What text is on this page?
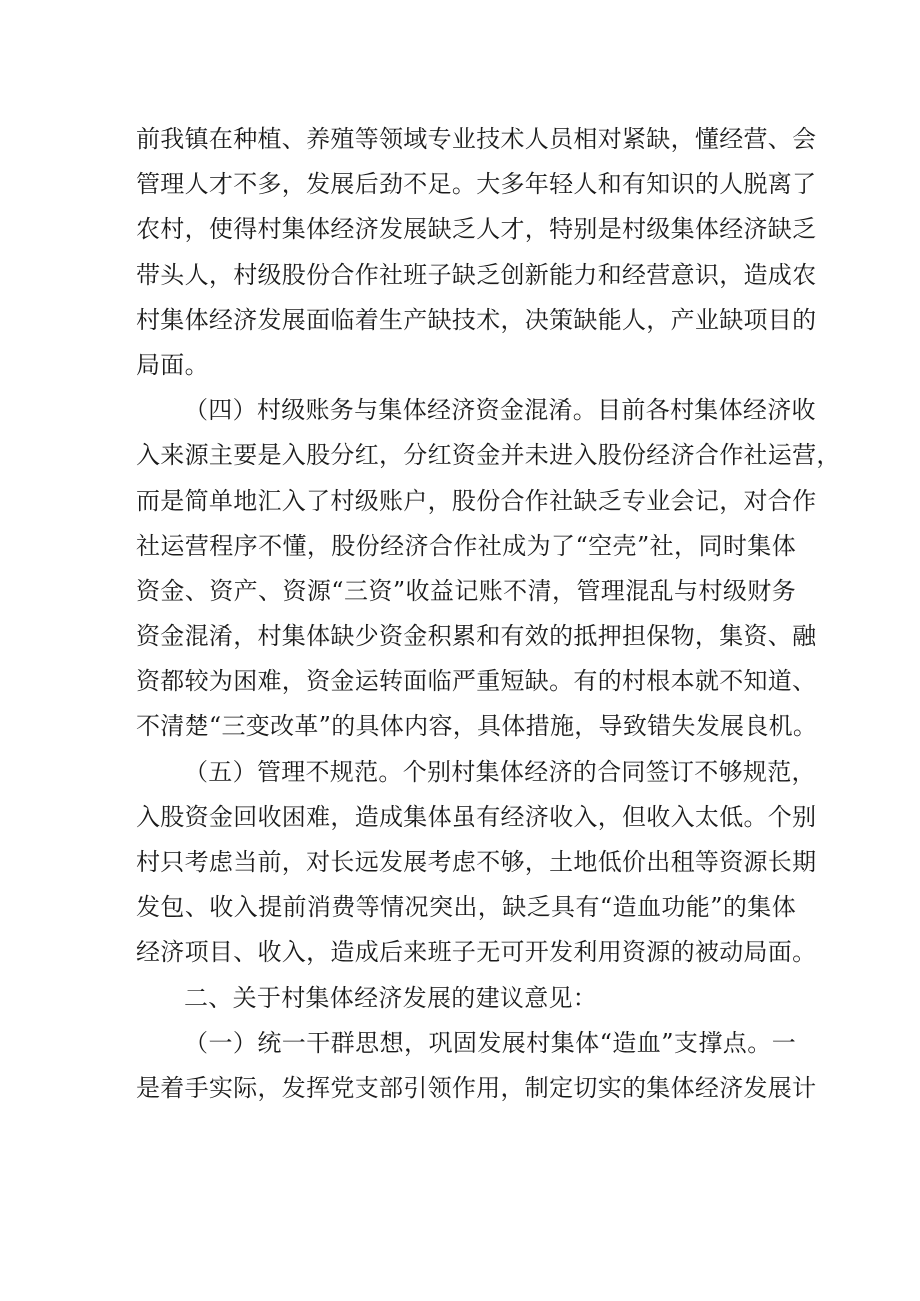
前我镇在种植、养殖等领域专业技术人员相对紧缺，懂经营、会
管理人才不多，发展后劲不足。大多年轻人和有知识的人脱离了
农村，使得村集体经济发展缺乏人才，特别是村级集体经济缺乏
带头人，村级股份合作社班子缺乏创新能力和经营意识，造成农
村集体经济发展面临着生产缺技术，决策缺能人，产业缺项目的
局面。
（四）村级账务与集体经济资金混淆。目前各村集体经济收
入来源主要是入股分红，分红资金并未进入股份经济合作社运营，
而是简单地汇入了村级账户，股份合作社缺乏专业会记，对合作
社运营程序不懂，股份经济合作社成为了“空壳”社，同时集体
资金、资产、资源“三资”收益记账不清，管理混乱与村级财务
资金混淆，村集体缺少资金积累和有效的抵押担保物，集资、融
资都较为困难，资金运转面临严重短缺。有的村根本就不知道、
不清楚“三变改革”的具体内容，具体措施，导致错失发展良机。
（五）管理不规范。个别村集体经济的合同签订不够规范，
入股资金回收困难，造成集体虽有经济收入，但收入太低。个别
村只考虑当前，对长远发展考虑不够，土地低价出租等资源长期
发包、收入提前消费等情况突出，缺乏具有“造血功能”的集体
经济项目、收入，造成后来班子无可开发利用资源的被动局面。
二、关于村集体经济发展的建议意见：
（一）统一干群思想，巩固发展村集体“造血”支撑点。一
是着手实际，发挥党支部引领作用，制定切实的集体经济发展计
